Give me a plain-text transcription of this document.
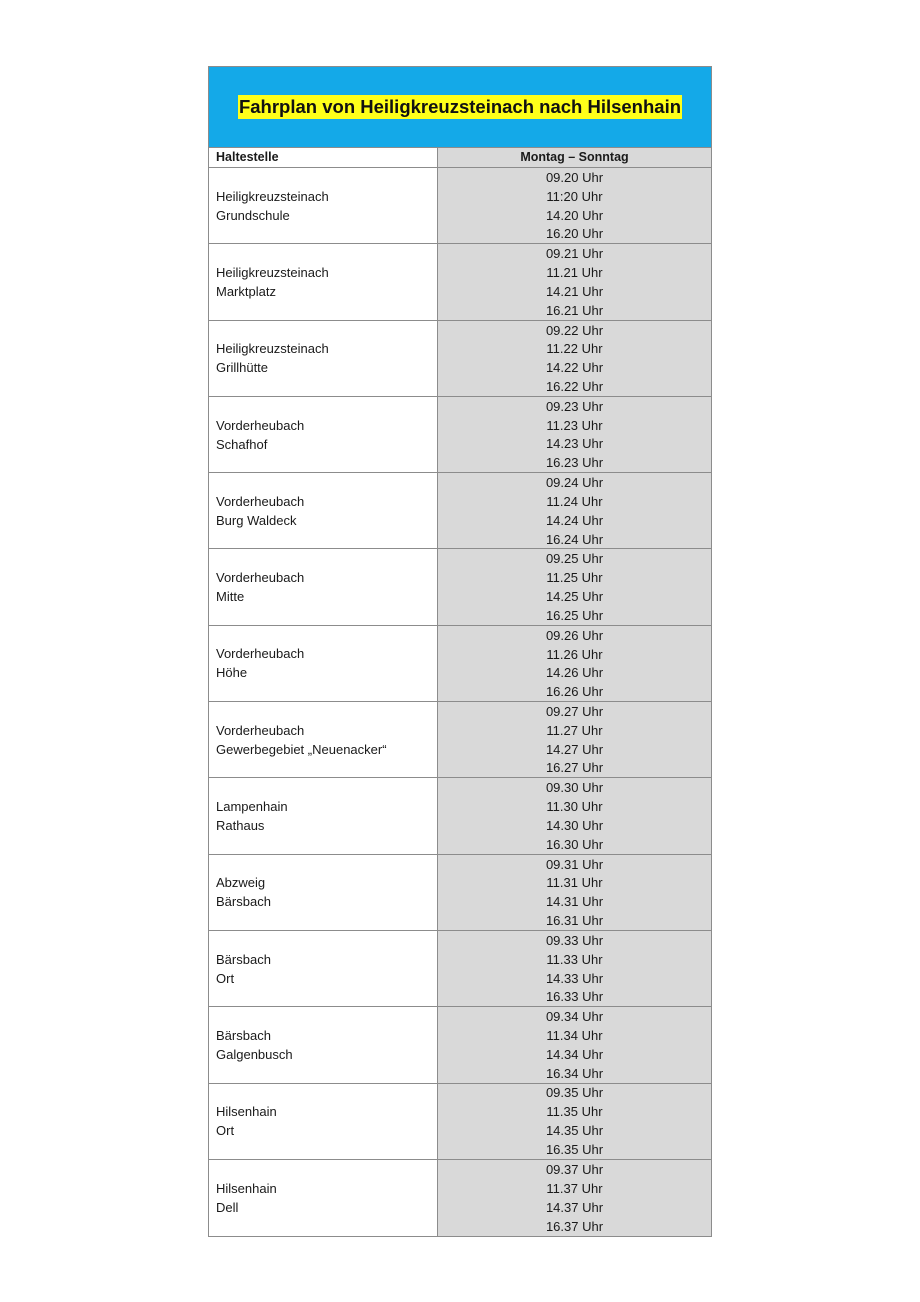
Fahrplan von Heiligkreuzsteinach nach Hilsenhain
Haltestelle	Montag – Sonntag
Heiligkreuzsteinach
Grundschule
09.20 Uhr
11:20 Uhr
14.20 Uhr
16.20 Uhr
Heiligkreuzsteinach
Marktplatz
09.21 Uhr
11.21 Uhr
14.21 Uhr
16.21 Uhr
Heiligkreuzsteinach
Grillhütte
09.22 Uhr
11.22 Uhr
14.22 Uhr
16.22 Uhr
Vorderheubach
Schafhof
09.23 Uhr
11.23 Uhr
14.23 Uhr
16.23 Uhr
Vorderheubach
Burg Waldeck
09.24 Uhr
11.24 Uhr
14.24 Uhr
16.24 Uhr
Vorderheubach
Mitte
09.25 Uhr
11.25 Uhr
14.25 Uhr
16.25 Uhr
Vorderheubach
Höhe
09.26 Uhr
11.26 Uhr
14.26 Uhr
16.26 Uhr
Vorderheubach
Gewerbegebiet „Neuenacker“
09.27 Uhr
11.27 Uhr
14.27 Uhr
16.27 Uhr
Lampenhain
Rathaus
09.30 Uhr
11.30 Uhr
14.30 Uhr
16.30 Uhr
Abzweig
Bärsbach
09.31 Uhr
11.31 Uhr
14.31 Uhr
16.31 Uhr
Bärsbach
Ort
09.33 Uhr
11.33 Uhr
14.33 Uhr
16.33 Uhr
Bärsbach
Galgenbusch
09.34 Uhr
11.34 Uhr
14.34 Uhr
16.34 Uhr
Hilsenhain
Ort
09.35 Uhr
11.35 Uhr
14.35 Uhr
16.35 Uhr
Hilsenhain
Dell
09.37 Uhr
11.37 Uhr
14.37 Uhr
16.37 Uhr
